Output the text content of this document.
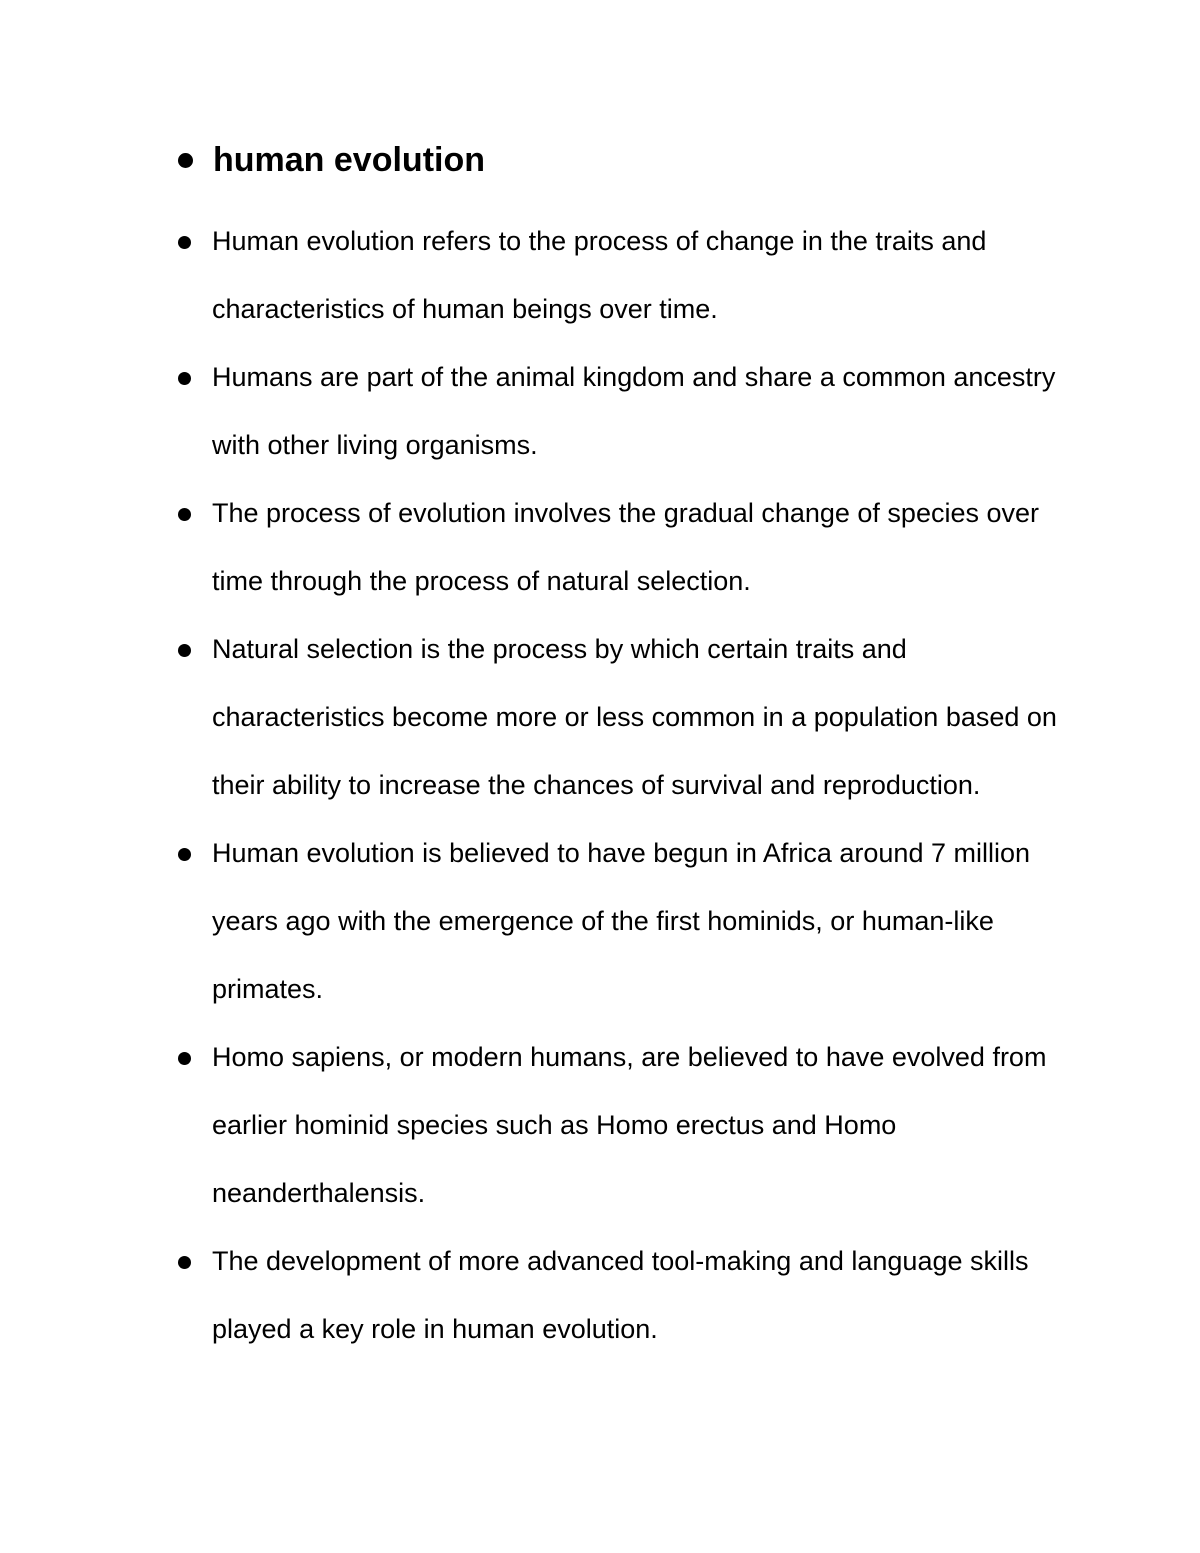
human evolution
Human evolution refers to the process of change in the traits and characteristics of human beings over time.
Humans are part of the animal kingdom and share a common ancestry with other living organisms.
The process of evolution involves the gradual change of species over time through the process of natural selection.
Natural selection is the process by which certain traits and characteristics become more or less common in a population based on their ability to increase the chances of survival and reproduction.
Human evolution is believed to have begun in Africa around 7 million years ago with the emergence of the first hominids, or human-like primates.
Homo sapiens, or modern humans, are believed to have evolved from earlier hominid species such as Homo erectus and Homo neanderthalensis.
The development of more advanced tool-making and language skills played a key role in human evolution.
